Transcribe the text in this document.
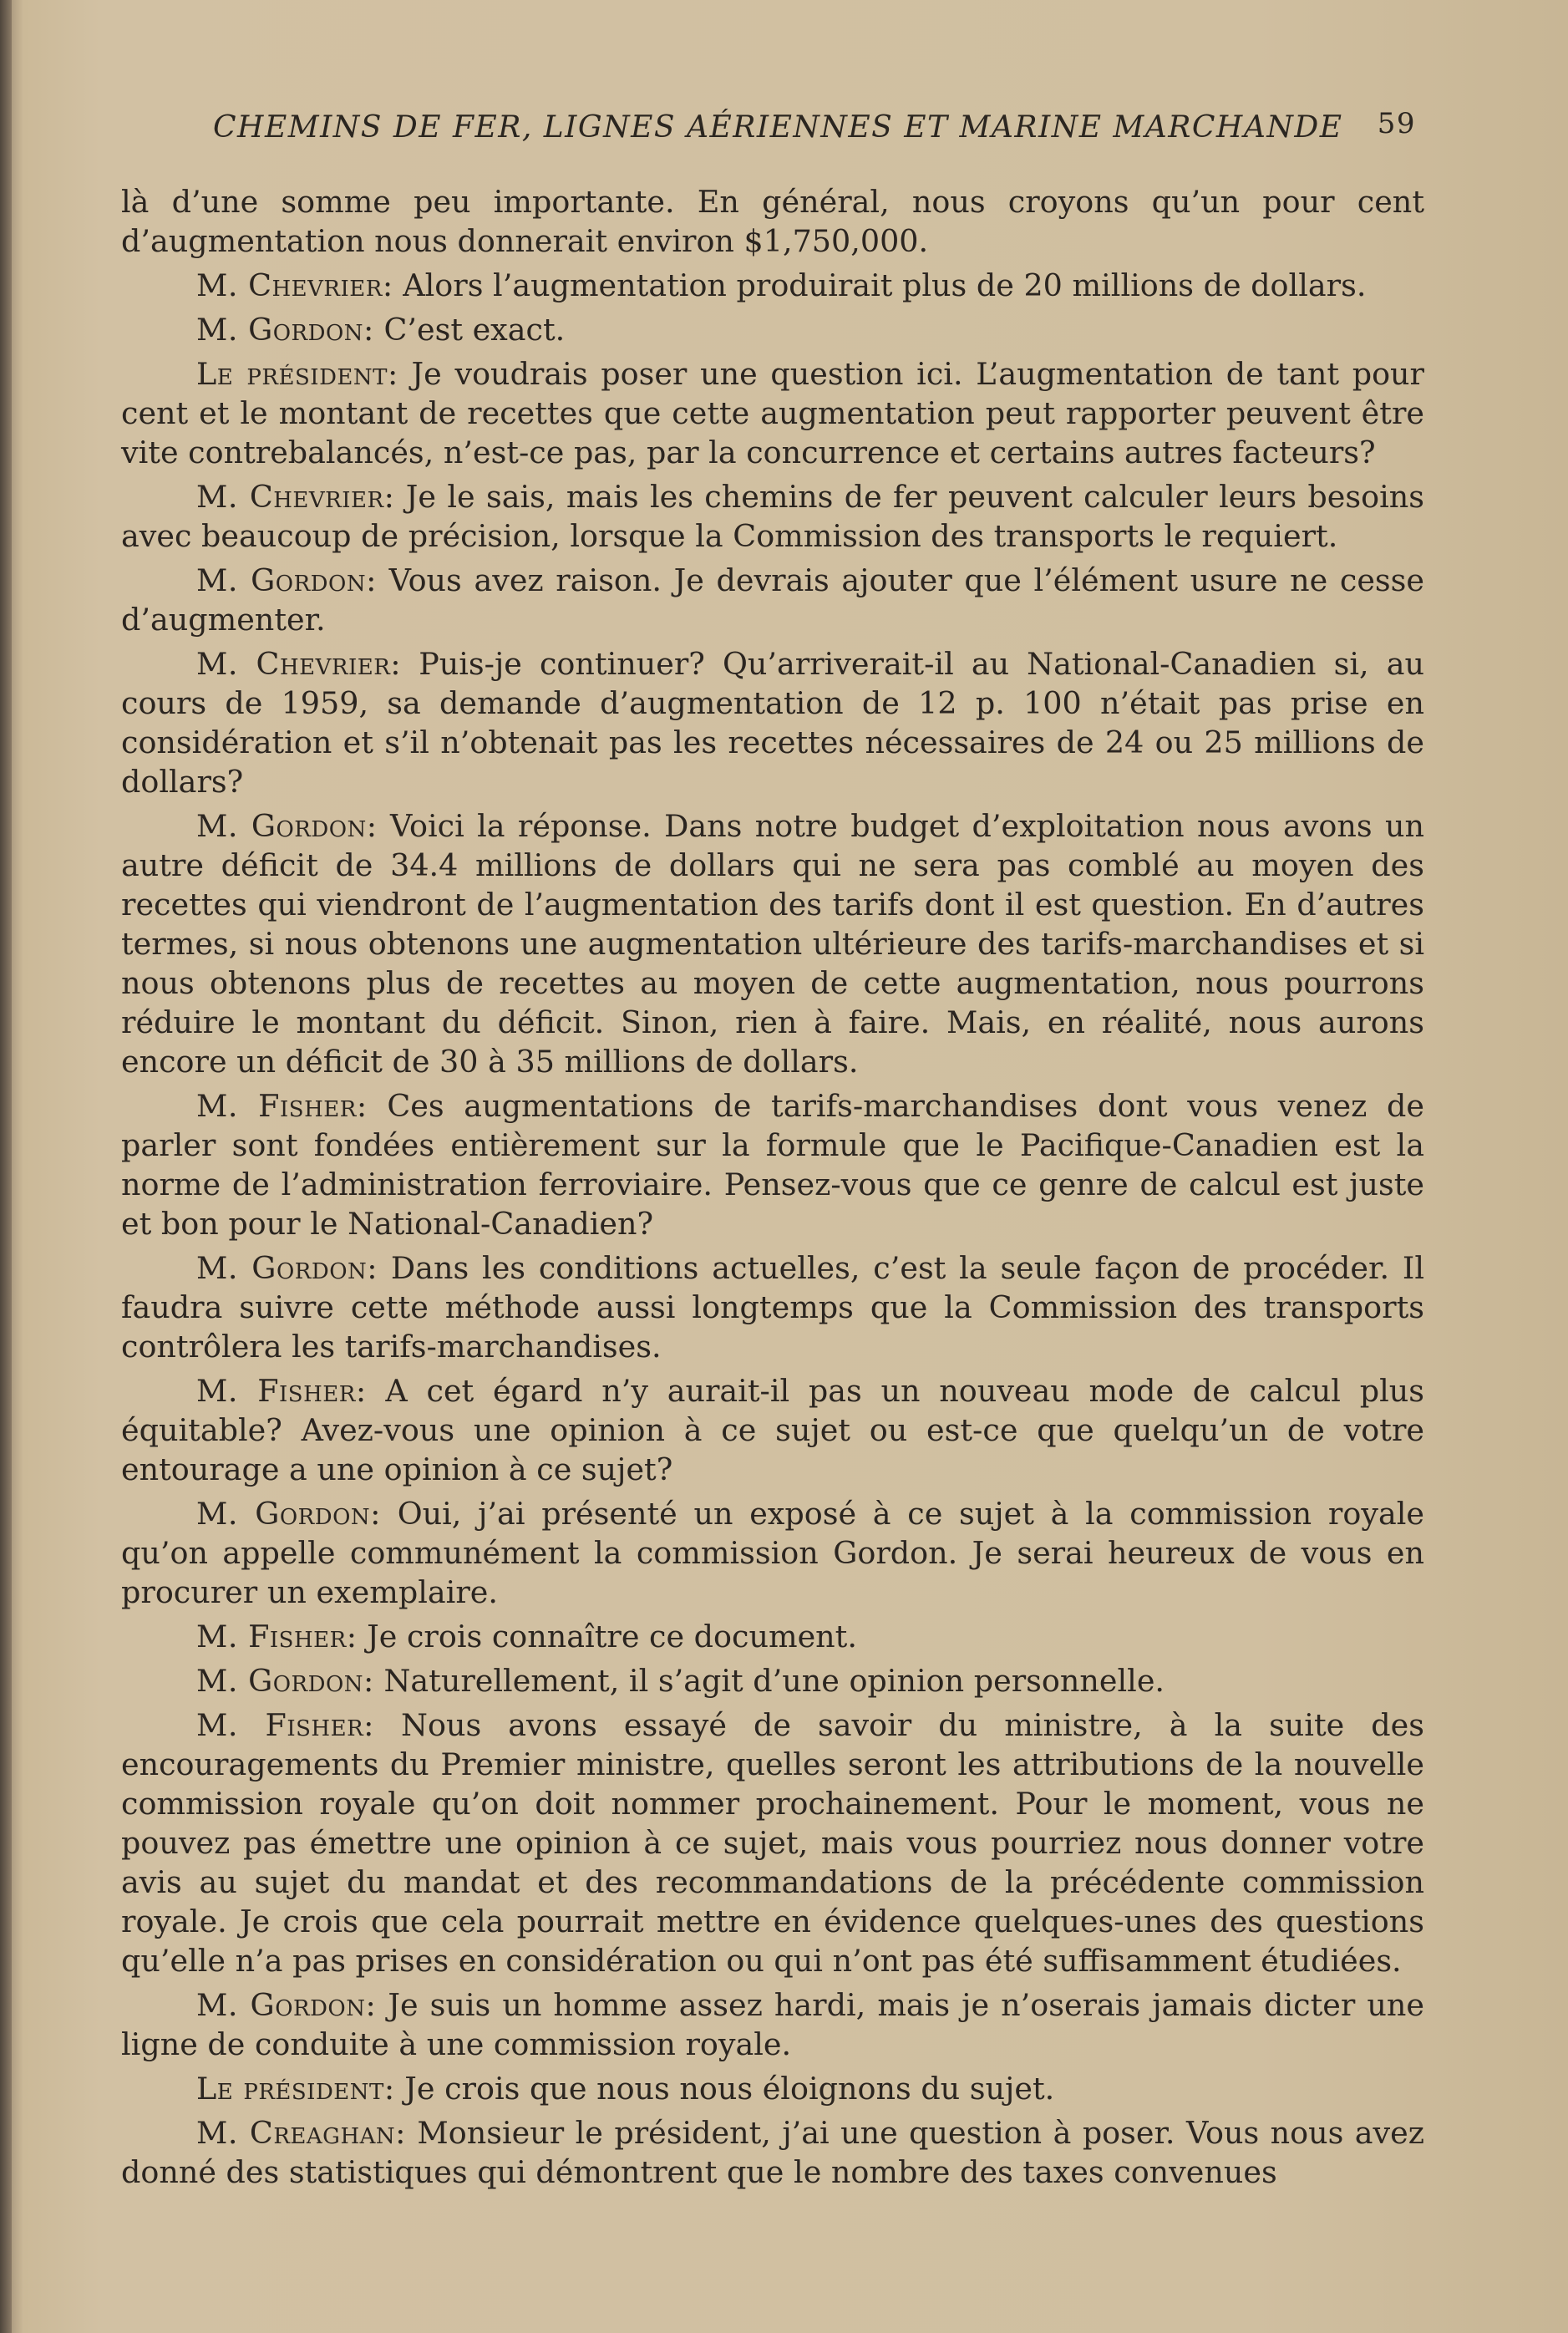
CHEMINS DE FER, LIGNES AÉRIENNES ET MARINE MARCHANDE 59

là d’une somme peu importante. En général, nous croyons qu’un pour cent d’augmentation nous donnerait environ $1,750,000.

M. Chevrier: Alors l’augmentation produirait plus de 20 millions de dollars.

M. Gordon: C’est exact.

Le président: Je voudrais poser une question ici. L’augmentation de tant pour cent et le montant de recettes que cette augmentation peut rapporter peuvent être vite contrebalancés, n’est-ce pas, par la concurrence et certains autres facteurs?

M. Chevrier: Je le sais, mais les chemins de fer peuvent calculer leurs besoins avec beaucoup de précision, lorsque la Commission des transports le requiert.

M. Gordon: Vous avez raison. Je devrais ajouter que l’élément usure ne cesse d’augmenter.

M. Chevrier: Puis-je continuer? Qu’arriverait-il au National-Canadien si, au cours de 1959, sa demande d’augmentation de 12 p. 100 n’était pas prise en considération et s’il n’obtenait pas les recettes nécessaires de 24 ou 25 millions de dollars?

M. Gordon: Voici la réponse. Dans notre budget d’exploitation nous avons un autre déficit de 34.4 millions de dollars qui ne sera pas comblé au moyen des recettes qui viendront de l’augmentation des tarifs dont il est question. En d’autres termes, si nous obtenons une augmentation ultérieure des tarifs-marchandises et si nous obtenons plus de recettes au moyen de cette augmentation, nous pourrons réduire le montant du déficit. Sinon, rien à faire. Mais, en réalité, nous aurons encore un déficit de 30 à 35 millions de dollars.

M. Fisher: Ces augmentations de tarifs-marchandises dont vous venez de parler sont fondées entièrement sur la formule que le Pacifique-Canadien est la norme de l’administration ferroviaire. Pensez-vous que ce genre de calcul est juste et bon pour le National-Canadien?

M. Gordon: Dans les conditions actuelles, c’est la seule façon de procéder. Il faudra suivre cette méthode aussi longtemps que la Commission des transports contrôlera les tarifs-marchandises.

M. Fisher: A cet égard n’y aurait-il pas un nouveau mode de calcul plus équitable? Avez-vous une opinion à ce sujet ou est-ce que quelqu’un de votre entourage a une opinion à ce sujet?

M. Gordon: Oui, j’ai présenté un exposé à ce sujet à la commission royale qu’on appelle communément la commission Gordon. Je serai heureux de vous en procurer un exemplaire.

M. Fisher: Je crois connaître ce document.

M. Gordon: Naturellement, il s’agit d’une opinion personnelle.

M. Fisher: Nous avons essayé de savoir du ministre, à la suite des encouragements du Premier ministre, quelles seront les attributions de la nouvelle commission royale qu’on doit nommer prochainement. Pour le moment, vous ne pouvez pas émettre une opinion à ce sujet, mais vous pourriez nous donner votre avis au sujet du mandat et des recommandations de la précédente commission royale. Je crois que cela pourrait mettre en évidence quelques-unes des questions qu’elle n’a pas prises en considération ou qui n’ont pas été suffisamment étudiées.

M. Gordon: Je suis un homme assez hardi, mais je n’oserais jamais dicter une ligne de conduite à une commission royale.

Le président: Je crois que nous nous éloignons du sujet.

M. Creaghan: Monsieur le président, j’ai une question à poser. Vous nous avez donné des statistiques qui démontrent que le nombre des taxes convenues
